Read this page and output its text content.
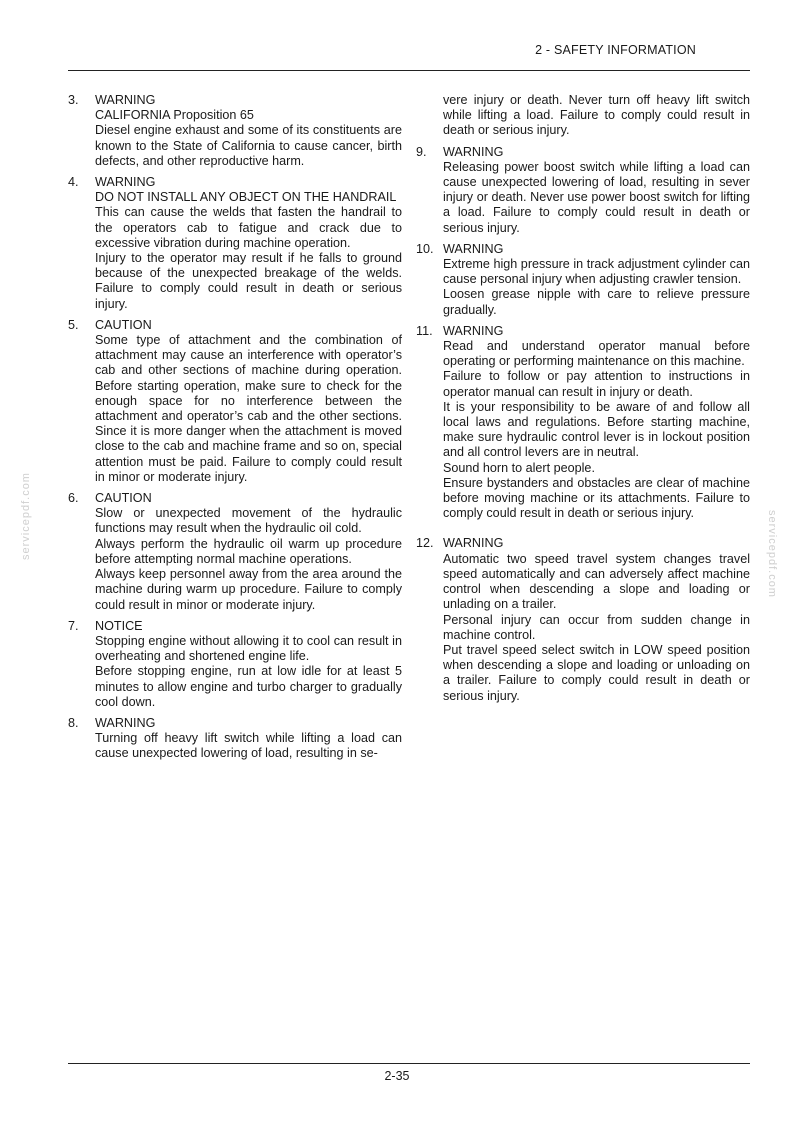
2 - SAFETY INFORMATION
servicepdf.com	servicepdf.com
3. WARNING
CALIFORNIA Proposition 65
Diesel engine exhaust and some of its constituents are known to the State of California to cause cancer, birth defects, and other reproductive harm.
4. WARNING
DO NOT INSTALL ANY OBJECT ON THE HANDRAIL
This can cause the welds that fasten the handrail to the operators cab to fatigue and crack due to excessive vibration during machine operation.
Injury to the operator may result if he falls to ground because of the unexpected breakage of the welds. Failure to comply could result in death or serious injury.
5. CAUTION
Some type of attachment and the combination of attachment may cause an interference with operator’s cab and other sections of machine during operation. Before starting operation, make sure to check for the enough space for no interference between the attachment and operator’s cab and the other sections. Since it is more danger when the attachment is moved close to the cab and machine frame and so on, special attention must be paid. Failure to comply could result in minor or moderate injury.
6. CAUTION
Slow or unexpected movement of the hydraulic functions may result when the hydraulic oil cold.
Always perform the hydraulic oil warm up procedure before attempting normal machine operations.
Always keep personnel away from the area around the machine during warm up procedure. Failure to comply could result in minor or moderate injury.
7. NOTICE
Stopping engine without allowing it to cool can result in overheating and shortened engine life.
Before stopping engine, run at low idle for at least 5 minutes to allow engine and turbo charger to gradually cool down.
8. WARNING
Turning off heavy lift switch while lifting a load can cause unexpected lowering of load, resulting in se-
vere injury or death. Never turn off heavy lift switch while lifting a load. Failure to comply could result in death or serious injury.
9. WARNING
Releasing power boost switch while lifting a load can cause unexpected lowering of load, resulting in sever injury or death. Never use power boost switch for lifting a load. Failure to comply could result in death or serious injury.
10. WARNING
Extreme high pressure in track adjustment cylinder can cause personal injury when adjusting crawler tension.
Loosen grease nipple with care to relieve pressure gradually.
11. WARNING
Read and understand operator manual before operating or performing maintenance on this machine.
Failure to follow or pay attention to instructions in operator manual can result in injury or death.
It is your responsibility to be aware of and follow all local laws and regulations. Before starting machine, make sure hydraulic control lever is in lockout position and all control levers are in neutral.
Sound horn to alert people.
Ensure bystanders and obstacles are clear of machine before moving machine or its attachments. Failure to comply could result in death or serious injury.
12. WARNING
Automatic two speed travel system changes travel speed automatically and can adversely affect machine control when descending a slope and loading or unlading on a trailer.
Personal injury can occur from sudden change in machine control.
Put travel speed select switch in LOW speed position when descending a slope and loading or unloading on a trailer. Failure to comply could result in death or serious injury.
2-35
